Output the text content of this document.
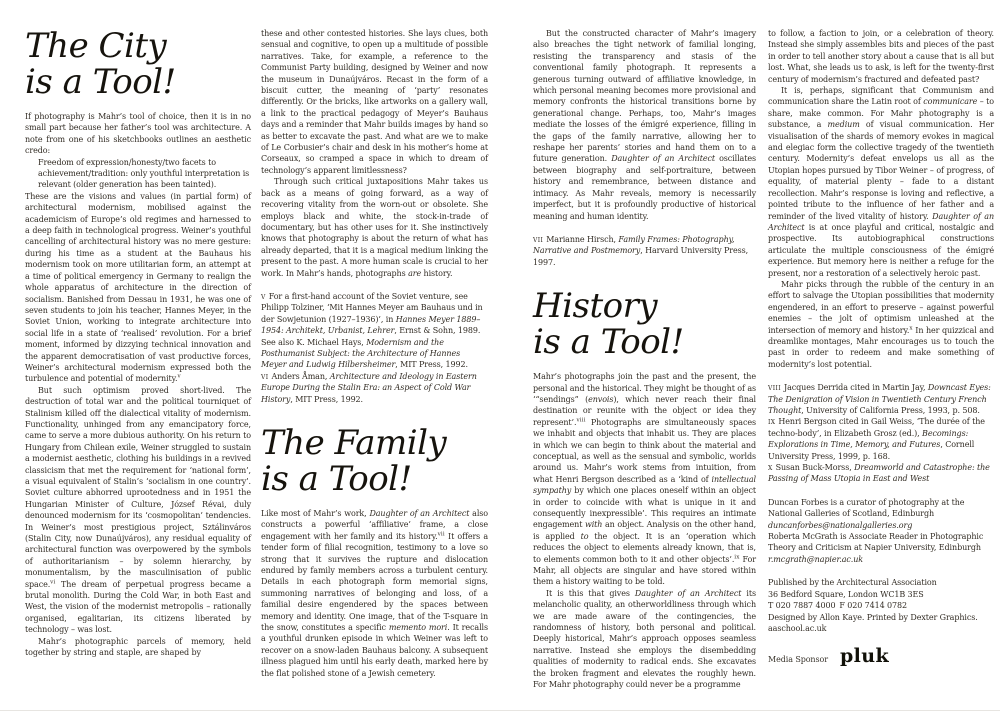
The City
is a Tool!

If photography is Mahr’s tool of choice, then it is in no small part because her father’s tool was architecture. A note from one of his sketchbooks outlines an aesthetic credo:

Freedom of expression/honesty/two facets to achievement/tradition: only youthful interpretation is relevant (older generation has been tainted).

These are the visions and values (in partial form) of architectural modernism, mobilised against the academicism of Europe’s old regimes and harnessed to a deep faith in technological progress. Weiner’s youthful cancelling of architectural history was no mere gesture: during his time as a student at the Bauhaus his modernism took on more utilitarian form, an attempt at a time of political emergency in Germany to realign the whole apparatus of architecture in the direction of socialism. Banished from Dessau in 1931, he was one of seven students to join his teacher, Hannes Meyer, in the Soviet Union, working to integrate architecture into social life in a state of ‘realised’ revolution. For a brief moment, informed by dizzying technical innovation and the apparent democratisation of vast productive forces, Weiner’s architectural modernism expressed both the turbulence and potential of modernity.$^v$

But such optimism proved short-lived. The destruction of total war and the political tourniquet of Stalinism killed off the dialectical vitality of modernism. Functionality, unhinged from any emancipatory force, came to serve a more dubious authority. On his return to Hungary from Chilean exile, Weiner struggled to sustain a modernist aesthetic, clothing his buildings in a revived classicism that met the requirement for ‘national form’, a visual equivalent of Stalin’s ‘socialism in one country’. Soviet culture abhorred uprootedness and in 1951 the Hungarian Minister of Culture, József Révai, duly denounced modernism for its ‘cosmopolitan’ tendencies. In Weiner’s most prestigious project, Sztálinváros (Stalin City, now Dunaújváros), any residual equality of architectural function was overpowered by the symbols of authoritarianism – by solemn hierarchy, by monumentalism, by the masculinisation of public space.$^{vi}$ The dream of perpetual progress became a brutal monolith. During the Cold War, in both East and West, the vision of the modernist metropolis – rationally organised, egalitarian, its citizens liberated by technology – was lost.

Mahr’s photographic parcels of memory, held together by string and staple, are shaped by

these and other contested histories. She lays clues, both sensual and cognitive, to open up a multitude of possible narratives. Take, for example, a reference to the Communist Party building, designed by Weiner and now the museum in Dunaújváros. Recast in the form of a biscuit cutter, the meaning of ‘party’ resonates differently. Or the bricks, like artworks on a gallery wall, a link to the practical pedagogy of Meyer’s Bauhaus days and a reminder that Mahr builds images by hand so as better to excavate the past. And what are we to make of Le Corbusier’s chair and desk in his mother’s home at Corseaux, so cramped a space in which to dream of technology’s apparent limitlessness?

Through such critical juxtapositions Mahr takes us back as a means of going forward, as a way of recovering vitality from the worn-out or obsolete. She employs black and white, the stock-in-trade of documentary, but has other uses for it. She instinctively knows that photography is about the return of what has already departed, that it is a magical medium linking the present to the past. A more human scale is crucial to her work. In Mahr’s hands, photographs are history.

v For a first-hand account of the Soviet venture, see Philipp Tolziner, ‘Mit Hannes Meyer am Bauhaus und in der Sowjetunion (1927–1936)’, in Hannes Meyer 1889–1954: Architekt, Urbanist, Lehrer, Ernst & Sohn, 1989. See also K. Michael Hays, Modernism and the Posthumanist Subject: the Architecture of Hannes Meyer and Ludwig Hilbersheimer, MIT Press, 1992.

vi Anders Åman, Architecture and Ideology in Eastern Europe During the Stalin Era: an Aspect of Cold War History, MIT Press, 1992.

The Family
is a Tool!

Like most of Mahr’s work, Daughter of an Architect also constructs a powerful ‘affiliative’ frame, a close engagement with her family and its history.$^{vii}$ It offers a tender form of filial recognition, testimony to a love so strong that it survives the rupture and dislocation endured by family members across a turbulent century. Details in each photograph form memorial signs, summoning narratives of belonging and loss, of a familial desire engendered by the spaces between memory and identity. One image, that of the T-square in the snow, constitutes a specific memento mori. It recalls a youthful drunken episode in which Weiner was left to recover on a snow-laden Bauhaus balcony. A subsequent illness plagued him until his early death, marked here by the flat polished stone of a Jewish cemetery.

But the constructed character of Mahr’s imagery also breaches the tight network of familial longing, resisting the transparency and stasis of the conventional family photograph. It represents a generous turning outward of affiliative knowledge, in which personal meaning becomes more provisional and memory confronts the historical transitions borne by generational change. Perhaps, too, Mahr’s images mediate the losses of the émigré experience, filling in the gaps of the family narrative, allowing her to reshape her parents’ stories and hand them on to a future generation. Daughter of an Architect oscillates between biography and self-portraiture, between history and remembrance, between distance and intimacy. As Mahr reveals, memory is necessarily imperfect, but it is profoundly productive of historical meaning and human identity.

vii Marianne Hirsch, Family Frames: Photography, Narrative and Postmemory, Harvard University Press, 1997.

History
is a Tool!

Mahr’s photographs join the past and the present, the personal and the historical. They might be thought of as ‘“sendings” (envois), which never reach their final destination or reunite with the object or idea they represent’.$^{viii}$ Photographs are simultaneously spaces we inhabit and objects that inhabit us. They are places in which we can begin to think about the material and conceptual, as well as the sensual and symbolic, worlds around us. Mahr’s work stems from intuition, from what Henri Bergson described as a ‘kind of intellectual sympathy by which one places oneself within an object in order to coincide with what is unique in it and consequently inexpressible’. This requires an intimate engagement with an object. Analysis on the other hand, is applied to the object. It is an ‘operation which reduces the object to elements already known, that is, to elements common both to it and other objects’.$^{ix}$ For Mahr, all objects are singular and have stored within them a history waiting to be told.

It is this that gives Daughter of an Architect its melancholic quality, an otherworldliness through which we are made aware of the contingencies, the randomness of history, both personal and political. Deeply historical, Mahr’s approach opposes seamless narrative. Instead she employs the disembedding qualities of modernity to radical ends. She excavates the broken fragment and elevates the roughly hewn. For Mahr photography could never be a programme

to follow, a faction to join, or a celebration of theory. Instead she simply assembles bits and pieces of the past in order to tell another story about a cause that is all but lost. What, she leads us to ask, is left for the twenty-first century of modernism’s fractured and defeated past?

It is, perhaps, significant that Communism and communication share the Latin root of communicare – to share, make common. For Mahr photography is a substance, a medium of visual communication. Her visualisation of the shards of memory evokes in magical and elegiac form the collective tragedy of the twentieth century. Modernity’s defeat envelops us all as the Utopian hopes pursued by Tibor Weiner – of progress, of equality, of material plenty – fade to a distant recollection. Mahr’s response is loving and reflective, a pointed tribute to the influence of her father and a reminder of the lived vitality of history. Daughter of an Architect is at once playful and critical, nostalgic and prospective. Its autobiographical constructions articulate the multiple consciousness of the émigré experience. But memory here is neither a refuge for the present, nor a restoration of a selectively heroic past.

Mahr picks through the rubble of the century in an effort to salvage the Utopian possibilities that modernity engendered, in an effort to preserve – against powerful enemies – the jolt of optimism unleashed at the intersection of memory and history.$^x$ In her quizzical and dreamlike montages, Mahr encourages us to touch the past in order to redeem and make something of modernity’s lost potential.

viii Jacques Derrida cited in Martin Jay, Downcast Eyes: The Denigration of Vision in Twentieth Century French Thought, University of California Press, 1993, p. 508.

ix Henri Bergson cited in Gail Weiss, ‘The durée of the techno-body’, in Elizabeth Grosz (ed.), Becomings: Explorations in Time, Memory, and Futures, Cornell University Press, 1999, p. 168.

x Susan Buck-Morss, Dreamworld and Catastrophe: the Passing of Mass Utopia in East and West

Duncan Forbes is a curator of photography at the National Galleries of Scotland, Edinburgh
duncanforbes@nationalgalleries.org
Roberta McGrath is Associate Reader in Photographic Theory and Criticism at Napier University, Edinburgh
r.mcgrath@napier.ac.uk
Published by the Architectural Association
36 Bedford Square, London WC1B 3ES
T 020 7887 4000 F 020 7414 0782
Designed by Allon Kaye. Printed by Dexter Graphics.
aaschool.ac.uk
Media Sponsor pluk
